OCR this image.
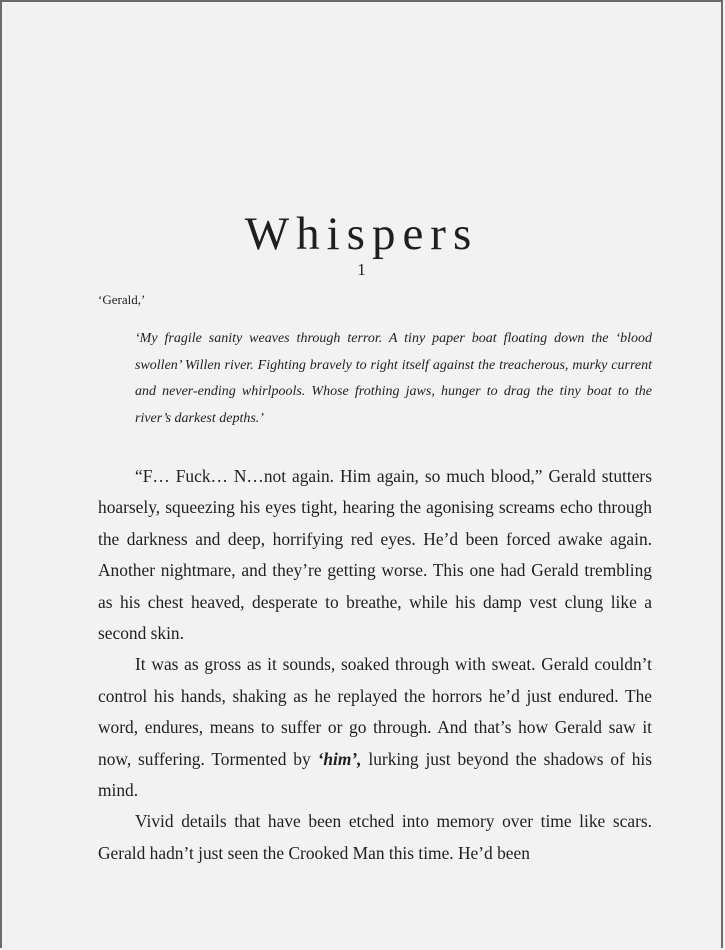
Whispers
1
‘Gerald,’

‘My fragile sanity weaves through terror. A tiny paper boat floating down the ‘blood swollen’ Willen river. Fighting bravely to right itself against the treacherous, murky current and never-ending whirlpools. Whose frothing jaws, hunger to drag the tiny boat to the river’s darkest depths.’

“F… Fuck… N…not again. Him again, so much blood,” Gerald stutters hoarsely, squeezing his eyes tight, hearing the agonising screams echo through the darkness and deep, horrifying red eyes. He’d been forced awake again. Another nightmare, and they’re getting worse. This one had Gerald trembling as his chest heaved, desperate to breathe, while his damp vest clung like a second skin.

It was as gross as it sounds, soaked through with sweat. Gerald couldn’t control his hands, shaking as he replayed the horrors he’d just endured. The word, endures, means to suffer or go through. And that’s how Gerald saw it now, suffering. Tormented by ‘him’, lurking just beyond the shadows of his mind.

Vivid details that have been etched into memory over time like scars. Gerald hadn’t just seen the Crooked Man this time. He’d been
